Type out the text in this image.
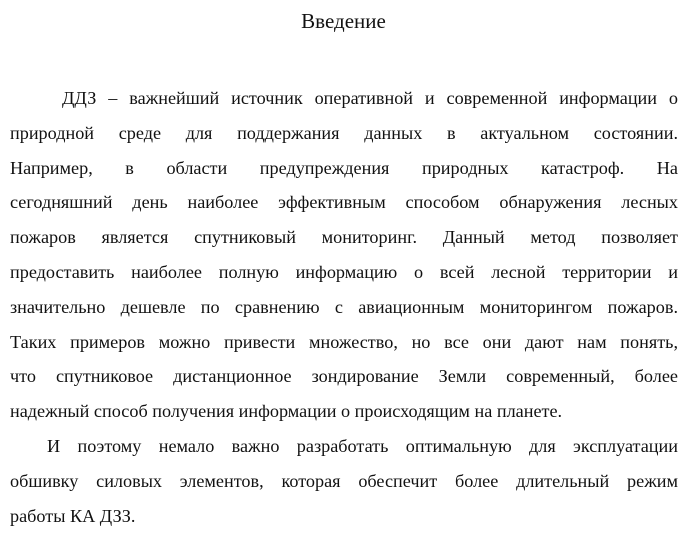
Введение
ДДЗ – важнейший источник оперативной и современной информации о
природной среде для поддержания данных в актуальном состоянии.
Например, в области предупреждения природных катастроф. На
сегодняшний день наиболее эффективным способом обнаружения лесных
пожаров является спутниковый мониторинг. Данный метод позволяет
предоставить наиболее полную информацию о всей лесной территории и
значительно дешевле по сравнению с авиационным мониторингом пожаров.
Таких примеров можно привести множество, но все они дают нам понять,
что спутниковое дистанционное зондирование Земли современный, более
надежный способ получения информации о происходящим на планете.
И поэтому немало важно разработать оптимальную для эксплуатации
обшивку силовых элементов, которая обеспечит более длительный режим
работы КА ДЗЗ.
